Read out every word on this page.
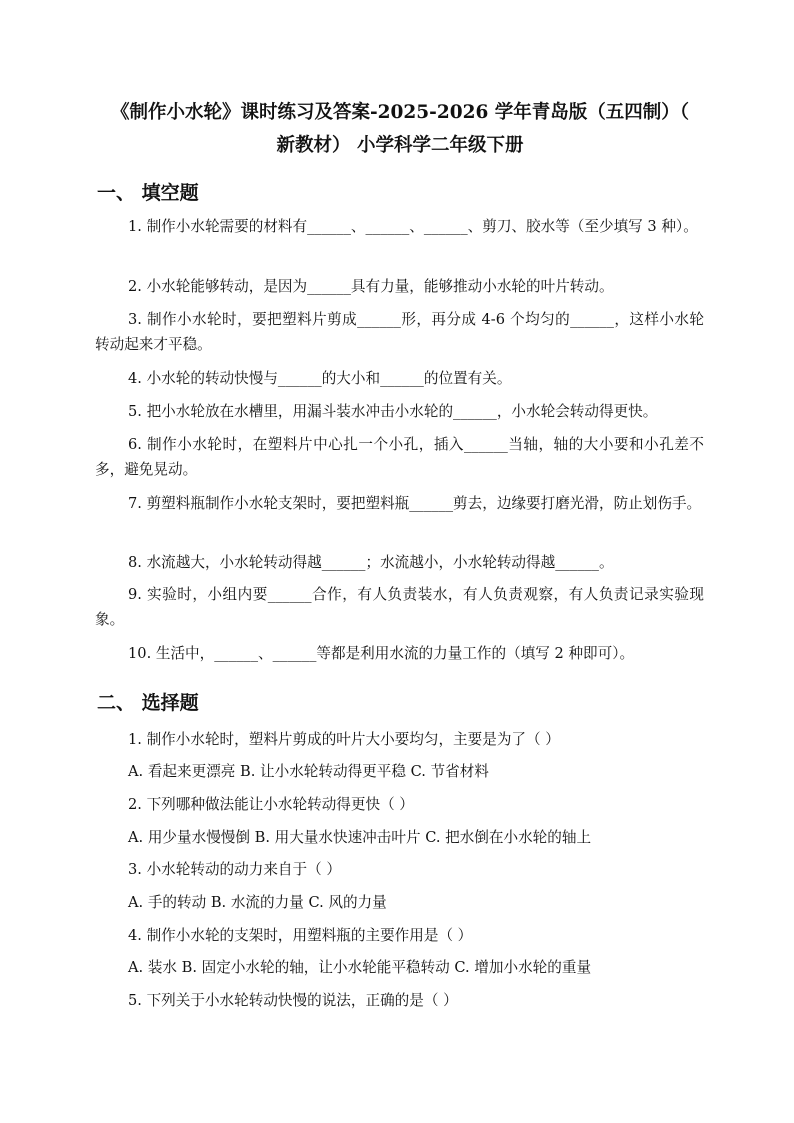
《制作小水轮》课时练习及答案-2025-2026 学年青岛版（五四制）（
新教材） 小学科学二年级下册
一、 填空题

1. 制作小水轮需要的材料有______、______、______、剪刀、胶水等（至少填写 3 种）。

2. 小水轮能够转动，是因为______具有力量，能够推动小水轮的叶片转动。

3. 制作小水轮时，要把塑料片剪成______形，再分成 4-6 个均匀的______，这样小水轮转动起来才平稳。

4. 小水轮的转动快慢与______的大小和______的位置有关。

5. 把小水轮放在水槽里，用漏斗装水冲击小水轮的______，小水轮会转动得更快。

6. 制作小水轮时，在塑料片中心扎一个小孔，插入______当轴，轴的大小要和小孔差不多，避免晃动。

7. 剪塑料瓶制作小水轮支架时，要把塑料瓶______剪去，边缘要打磨光滑，防止划伤手。

8. 水流越大，小水轮转动得越______；水流越小，小水轮转动得越______。

9. 实验时，小组内要______合作，有人负责装水，有人负责观察，有人负责记录实验现象。

10. 生活中，______、______等都是利用水流的力量工作的（填写 2 种即可）。

二、 选择题
1. 制作小水轮时，塑料片剪成的叶片大小要均匀，主要是为了（ ）
A. 看起来更漂亮 B. 让小水轮转动得更平稳 C. 节省材料
2. 下列哪种做法能让小水轮转动得更快（ ）
A. 用少量水慢慢倒 B. 用大量水快速冲击叶片 C. 把水倒在小水轮的轴上
3. 小水轮转动的动力来自于（ ）
A. 手的转动 B. 水流的力量 C. 风的力量
4. 制作小水轮的支架时，用塑料瓶的主要作用是（ ）
A. 装水 B. 固定小水轮的轴，让小水轮能平稳转动 C. 增加小水轮的重量
5. 下列关于小水轮转动快慢的说法，正确的是（ ）
